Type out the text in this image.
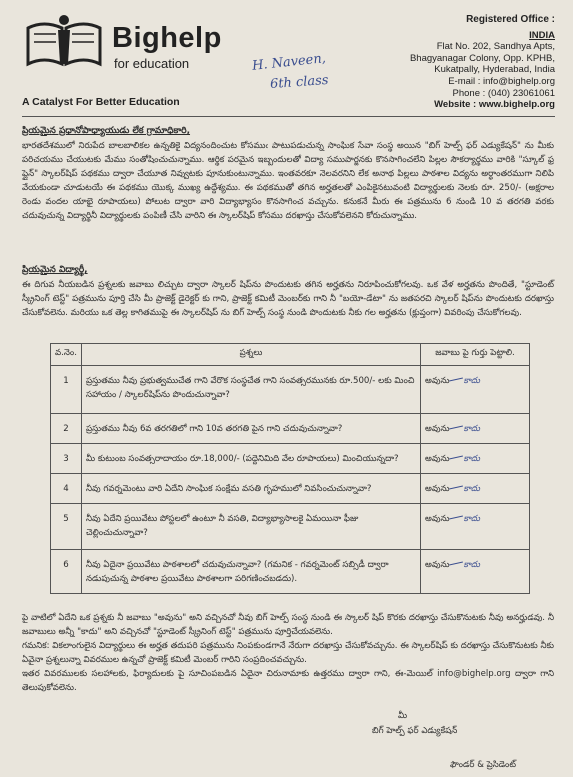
Bighelp
for education
A Catalyst For Better Education
H. Naveen,
6th class
Registered Office :
INDIA
Flat No. 202, Sandhya Apts,
Bhagyanagar Colony, Opp. KPHB,
Kukatpally, Hyderabad, India
E-mail : info@bighelp.org
Phone : (040) 23061061
Website : www.bighelp.org
ప్రియమైన ప్రధానోపాధ్యాయుడు లేక గ్రామాధికారి,
భారతదేశములో నిరుపేద బాలబాలికల ఉన్నతికై విద్యనందించుట కోసముఁ పాటుపడుచున్న సాంఘిక సేవా సంస్థ అయిన "బిగ్ హెల్ప్ ఫర్ ఎడ్యుకేషన్" ను మీకు పరిచయము చేయుటకు మేము సంతోషించుచున్నాము. ఆర్థిక పరమైన ఇబ్బందులతో విద్యా సముపార్జనకు కొనసాగించలేని పిల్లల సౌకర్యార్థము వారికి "స్కూల్ ఫ్ర ప్లైన్" స్కాలర్‌షిప్ పథకము ద్వారా చేయూత నివ్వుటకు పూనుకుంటున్నాము. ఇంతవరకూ నెలవరనిని లేక అనాథ పిల్లలు పాఠశాల విద్యను అర్ధాంతరముగా నిలిపి వేయకుండా చూడుటయే ఈ పథకము యొక్క ముఖ్య ఉద్దేశ్యము. ఈ పథకముతో తగిన అర్హతలతో ఎంపికైనటువంటి విద్యార్థులకు నెలకు రూ. 250/- (అక్షరాల రెండు వందల యాభై రూపాయలు) పోలుట ద్వారా వారి విద్యాభ్యాసం కొనసాగించ వచ్చును. కనుకనే మీరు ఈ పత్రమును 6 నుండి 10 వ తరగతి వరకు చదువుచున్న విద్యార్థినీ విద్యార్థులకు పంపిణీ చేసి వారిని ఈ స్కాలర్‌షిప్ కోసము దరఖాస్తు చేసుకోవలెనని కోరుచున్నాము.
ప్రియమైన విద్యార్థీ,
ఈ దిగువ నీయబడిన ప్రశ్నలకు జవాబు లిచ్చుట ద్వారా స్కాలర్ షిప్‌ను పొందుటకు తగిన అర్హతను నిరూపించుకోగలవు. ఒక వేళ అర్హతను పొందితే, "స్టూడెంట్ స్క్రీనింగ్ టెస్ట్" పత్రమును పూర్తి చేసి మీ ప్రాజెక్ట్ డైరెక్టర్ కు గాని, ప్రాజెక్ట్ కమిటీ మెంబర్‌కు గాని నీ "బయో-డేటా" ను జతపరచి స్కాలర్ షిప్‌ను పొందుటకు దరఖాస్తు చేసుకోవలెను. మరియు ఒక తెల్ల కాగితముపై ఈ స్కాలర్‌షిప్ ను బిగ్ హెల్ప్ సంస్థ నుండి పొందుటకు నీకు గల అర్హతను (క్లుప్తంగా) వివరింపు చేసుకోగలవు.
వ.నెం.	ప్రశ్నలు	జవాబు పై గుర్తు పెట్టాలి.
1	ప్రస్తుతము నీవు ప్రభుత్వముచేత గాని వేరొక సంస్థచేత గాని సంవత్సరమునకు రూ.500/- లకు మించి సహాయం / స్కాలర్‌షిప్‌ను పొందుచున్నావా?	అవును కాదు

2	ప్రస్తుతము నీవు 6వ తరగతిలో గాని 10వ తరగతి పైన గాని చదువుచున్నావా?	అవును కాదు

3	మీ కుటుంబ సంవత్సరాదాయం రూ.18,000/- (పద్దెనిమిది వేల రూపాయలు) మించియున్నదా?	అవును కాదు

4	నీవు గవర్నమెంటు వారి ఏదేని సాంఘిక సంక్షేమ వసతి గృహములో నివసించుచున్నావా?	అవును కాదు

5	నీవు ఏదేని ప్రయివేటు పోస్టలలో ఉంటూ నీ వసతి, విద్యాభ్యాసాలకై ఏమయినా ఫీజు చెల్లించుచున్నావా?	అవును కాదు

6	నీవు ఏదైనా ప్రయివేటు పాఠశాలలో చదువుచున్నావా? (గమనిక - గవర్నమెంట్ సబ్సిడీ ద్వారా నడుపుచున్న పాఠశాల ప్రయివేటు పాఠశాలగా పరిగణించబడదు).	అవును కాదు
పై వాటిలో ఏదేని ఒక ప్రశ్నకు నీ జవాబు "అవును" అని వచ్చినచో నీవు బిగ్ హెల్ప్ సంస్థ నుండి ఈ స్కాలర్ షిప్ కొరకు దరఖాస్తు చేసుకొనుటకు నీవు అనర్హుడవు. నీ జవాబులు అన్నీ "కాదు" అని వచ్చినచో "స్టూడెంట్ స్క్రీనింగ్ టెస్ట్" పత్రమును పూర్తిచేయవలెను.
గమనిక: వికలాంగులైన విద్యార్థులు ఈ అర్హత తదుపరి పత్రమును నింపకుండగానే నేరుగా దరఖాస్తు చేసుకోవచ్చును. ఈ స్కాలర్‌షిప్ కు దరఖాస్తు చేసుకొనుటకు నీకు ఏవైనా ప్రశ్నలున్నా వివరముల ఉన్నచో ప్రాజెక్ట్ కమిటీ మెంబర్ గారిని సంప్రదించవచ్చును.
ఇతర వివరములకు సలహాలకు, ఫిర్యాదులకు పై సూచింపబడిన ఏదైనా చిరునామాకు ఉత్తరము ద్వారా గాని, ఈ-మెయిల్ info@bighelp.org ద్వారా గాని తెలుపుకోవలెను.
మీ
బిగ్ హెల్ప్ ఫర్ ఎడ్యుకేషన్
ఫౌండర్ & ప్రెసిడెంట్
